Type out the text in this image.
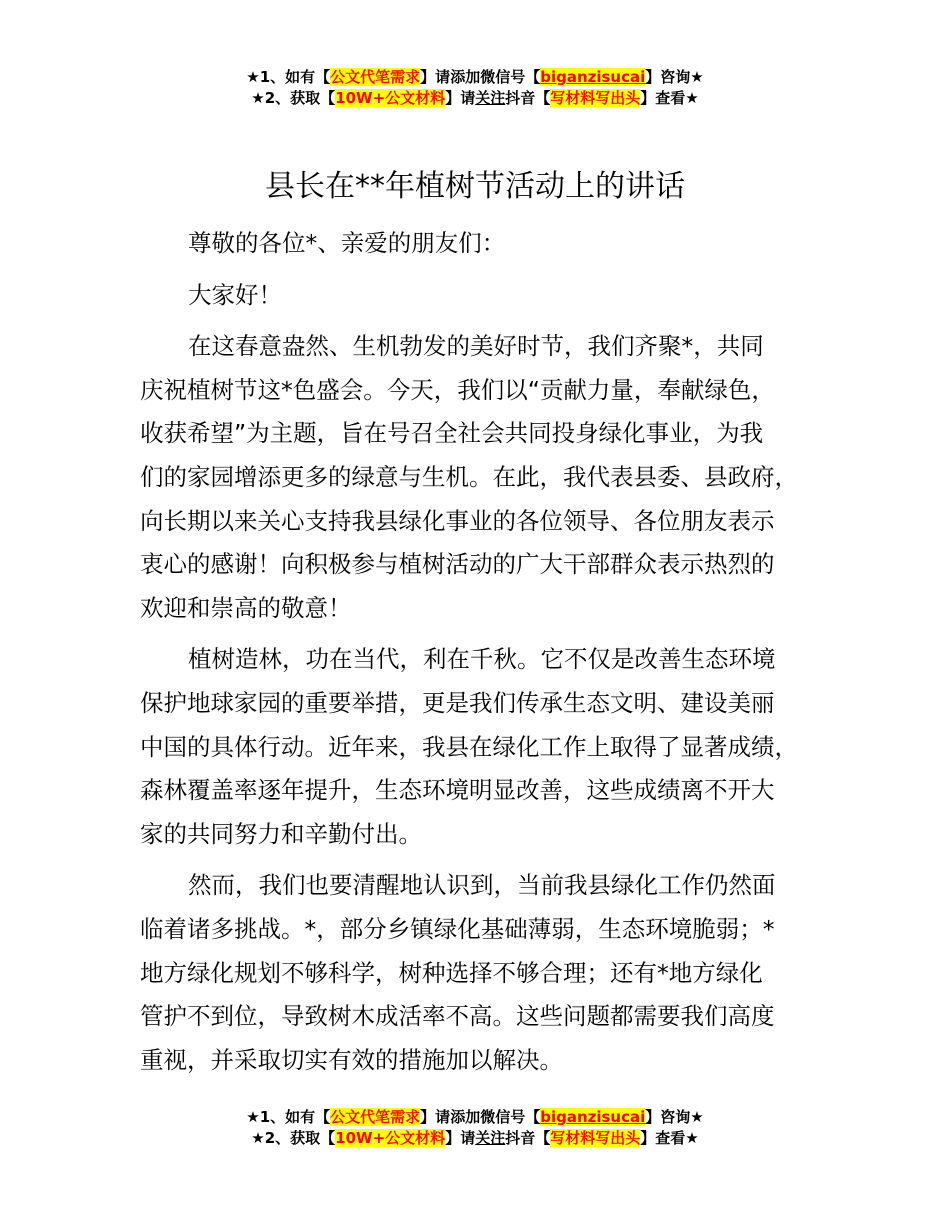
★1、如有【公文代笔需求】请添加微信号【biganzisucai】咨询★
★2、获取【10W+公文材料】请关注抖音【写材料写出头】查看★
县长在**年植树节活动上的讲话

尊敬的各位*、亲爱的朋友们：

大家好！

在这春意盎然、生机勃发的美好时节，我们齐聚*，共同
庆祝植树节这*色盛会。今天，我们以“贡献力量，奉献绿色，
收获希望”为主题，旨在号召全社会共同投身绿化事业，为我
们的家园增添更多的绿意与生机。在此，我代表县委、县政府，
向长期以来关心支持我县绿化事业的各位领导、各位朋友表示
衷心的感谢！向积极参与植树活动的广大干部群众表示热烈的
欢迎和崇高的敬意！

植树造林，功在当代，利在千秋。它不仅是改善生态环境
保护地球家园的重要举措，更是我们传承生态文明、建设美丽
中国的具体行动。近年来，我县在绿化工作上取得了显著成绩，
森林覆盖率逐年提升，生态环境明显改善，这些成绩离不开大
家的共同努力和辛勤付出。

然而，我们也要清醒地认识到，当前我县绿化工作仍然面
临着诸多挑战。*，部分乡镇绿化基础薄弱，生态环境脆弱；*
地方绿化规划不够科学，树种选择不够合理；还有*地方绿化
管护不到位，导致树木成活率不高。这些问题都需要我们高度
重视，并采取切实有效的措施加以解决。

★1、如有【公文代笔需求】请添加微信号【biganzisucai】咨询★
★2、获取【10W+公文材料】请关注抖音【写材料写出头】查看★
